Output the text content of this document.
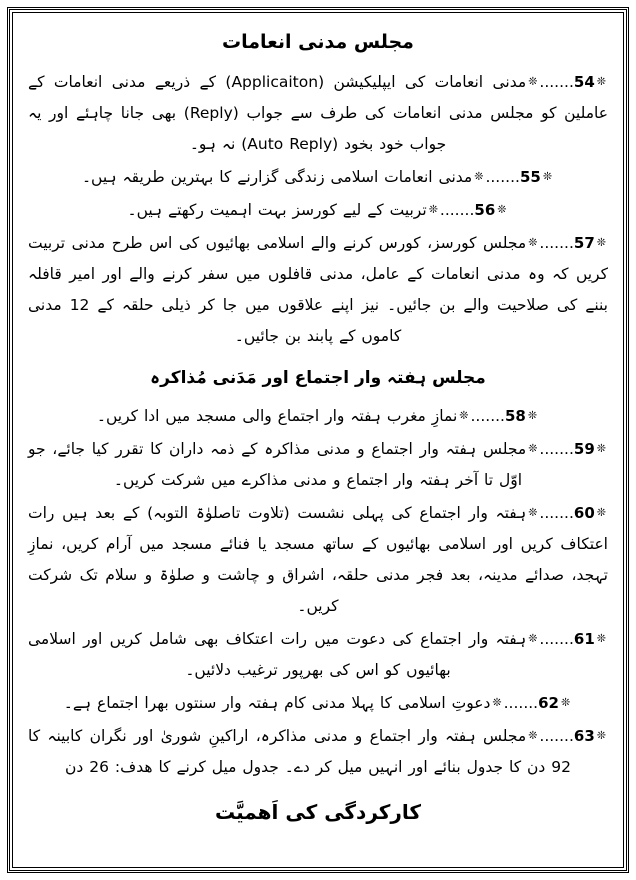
مجلس مدنی انعامات
❊54.......❊مدنی انعامات کی ایپلیکیشن (Applicaiton) کے ذریعے مدنی انعامات کے عاملین کو مجلس مدنی انعامات کی طرف سے جواب (Reply) بھی جانا چاہئے اور یہ جواب خود بخود (Auto Reply) نہ ہو۔
❊55.......❊مدنی انعامات اسلامی زندگی گزارنے کا بہترین طریقہ ہیں۔
❊56.......❊تربیت کے لیے کورسز بہت اہمیت رکھتے ہیں۔
❊57.......❊مجلس کورسز، کورس کرنے والے اسلامی بھائیوں کی اس طرح مدنی تربیت کریں کہ وہ مدنی انعامات کے عامل، مدنی قافلوں میں سفر کرنے والے اور امیر قافلہ بننے کی صلاحیت والے بن جائیں۔ نیز اپنے علاقوں میں جا کر ذیلی حلقہ کے 12 مدنی کاموں کے پابند بن جائیں۔
مجلس ہفتہ وار اجتماع اور مَدَنی مُذاکرہ
❊58.......❊نمازِ مغرب ہفتہ وار اجتماع والی مسجد میں ادا کریں۔
❊59.......❊مجلس ہفتہ وار اجتماع و مدنی مذاکرہ کے ذمہ داران کا تقرر کیا جائے، جو اوّل تا آخر ہفتہ وار اجتماع و مدنی مذاکرے میں شرکت کریں۔
❊60.......❊ہفتہ وار اجتماع کی پہلی نشست (تلاوت تاصلوٰۃ التوبہ) کے بعد ہیں رات اعتکاف کریں اور اسلامی بھائیوں کے ساتھ مسجد یا فنائے مسجد میں آرام کریں، نمازِ تہجد، صدائے مدینہ، بعد فجر مدنی حلقہ، اشراق و چاشت و صلوٰۃ و سلام تک شرکت کریں۔
❊61.......❊ہفتہ وار اجتماع کی دعوت میں رات اعتکاف بھی شامل کریں اور اسلامی بھائیوں کو اس کی بھرپور ترغیب دلائیں۔
❊62.......❊دعوتِ اسلامی کا پہلا مدنی کام ہفتہ وار سنتوں بھرا اجتماع ہے۔
❊63.......❊مجلس ہفتہ وار اجتماع و مدنی مذاکرہ، اراکینِ شوریٰ اور نگران کابینہ کا 92 دن کا جدول بنائے اور انہیں میل کر دے۔ جدول میل کرنے کا ھدف: 26 دن
کارکردگی کی اَھمیَّت
